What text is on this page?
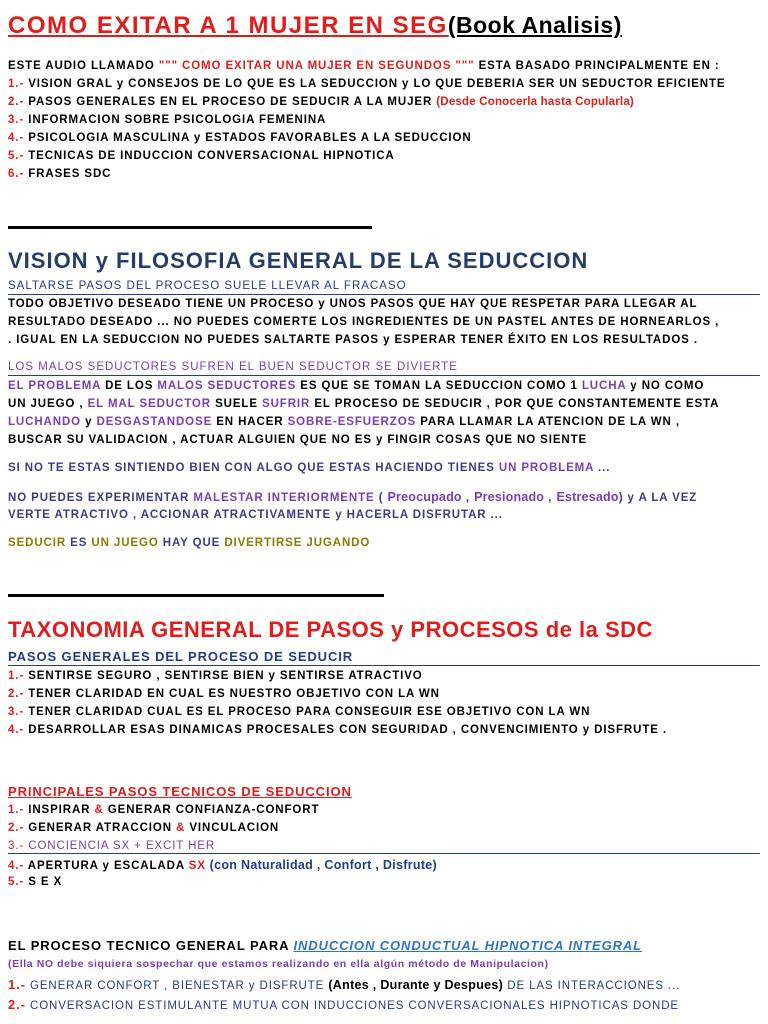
COMO EXITAR A 1 MUJER EN SEG(Book Analisis)
ESTE AUDIO LLAMADO """ COMO EXITAR UNA MUJER EN SEGUNDOS """ ESTA BASADO PRINCIPALMENTE EN :
1.- VISION GRAL y CONSEJOS DE LO QUE ES LA SEDUCCION y LO QUE DEBERIA SER UN SEDUCTOR EFICIENTE
2.- PASOS GENERALES EN EL PROCESO DE SEDUCIR A LA MUJER (Desde Conocerla hasta Copularla)
3.- INFORMACION SOBRE PSICOLOGIA FEMENINA
4.- PSICOLOGIA MASCULINA y ESTADOS FAVORABLES A LA SEDUCCION
5.- TECNICAS DE INDUCCION CONVERSACIONAL HIPNOTICA
6.- FRASES SDC
VISION y FILOSOFIA GENERAL DE LA SEDUCCION
SALTARSE PASOS DEL PROCESO SUELE LLEVAR AL FRACASO
TODO OBJETIVO DESEADO TIENE UN PROCESO y UNOS PASOS QUE HAY QUE RESPETAR PARA LLEGAR AL
RESULTADO DESEADO ... NO PUEDES COMERTE LOS INGREDIENTES DE UN PASTEL ANTES DE HORNEARLOS ,
. IGUAL EN LA SEDUCCION NO PUEDES SALTARTE PASOS y ESPERAR TENER ÉXITO EN LOS RESULTADOS .
LOS MALOS SEDUCTORES SUFREN EL BUEN SEDUCTOR SE DIVIERTE
EL PROBLEMA DE LOS MALOS SEDUCTORES ES QUE SE TOMAN LA SEDUCCION COMO 1 LUCHA y NO COMO
UN JUEGO , EL MAL SEDUCTOR SUELE SUFRIR EL PROCESO DE SEDUCIR , POR QUE CONSTANTEMENTE ESTA
LUCHANDO y DESGASTANDOSE EN HACER SOBRE-ESFUERZOS PARA LLAMAR LA ATENCION DE LA WN ,
BUSCAR SU VALIDACION , ACTUAR ALGUIEN QUE NO ES y FINGIR COSAS QUE NO SIENTE
SI NO TE ESTAS SINTIENDO BIEN CON ALGO QUE ESTAS HACIENDO TIENES UN PROBLEMA ...
NO PUEDES EXPERIMENTAR MALESTAR INTERIORMENTE ( Preocupado , Presionado , Estresado) y A LA VEZ
VERTE ATRACTIVO , ACCIONAR ATRACTIVAMENTE y HACERLA DISFRUTAR ...
SEDUCIR ES UN JUEGO HAY QUE DIVERTIRSE JUGANDO
TAXONOMIA GENERAL DE PASOS y PROCESOS de la SDC
PASOS GENERALES DEL PROCESO DE SEDUCIR
1.- SENTIRSE SEGURO , SENTIRSE BIEN y SENTIRSE ATRACTIVO
2.- TENER CLARIDAD EN CUAL ES NUESTRO OBJETIVO CON LA WN
3.- TENER CLARIDAD CUAL ES EL PROCESO PARA CONSEGUIR ESE OBJETIVO CON LA WN
4.- DESARROLLAR ESAS DINAMICAS PROCESALES CON SEGURIDAD , CONVENCIMIENTO y DISFRUTE .
PRINCIPALES PASOS TECNICOS DE SEDUCCION
1.- INSPIRAR & GENERAR CONFIANZA-CONFORT
2.- GENERAR ATRACCION & VINCULACION
3.- CONCIENCIA SX + EXCIT HER
4.- APERTURA y ESCALADA SX (con Naturalidad , Confort , Disfrute)
5.- S E X
EL PROCESO TECNICO GENERAL PARA INDUCCION CONDUCTUAL HIPNOTICA INTEGRAL
(Ella NO debe siquiera sospechar que estamos realizando en ella algún método de Manipulacion)
1.- GENERAR CONFORT , BIENESTAR y DISFRUTE (Antes , Durante y Despues) DE LAS INTERACCIONES ...
2.- CONVERSACION ESTIMULANTE MUTUA CON INDUCCIONES CONVERSACIONALES HIPNOTICAS DONDE
